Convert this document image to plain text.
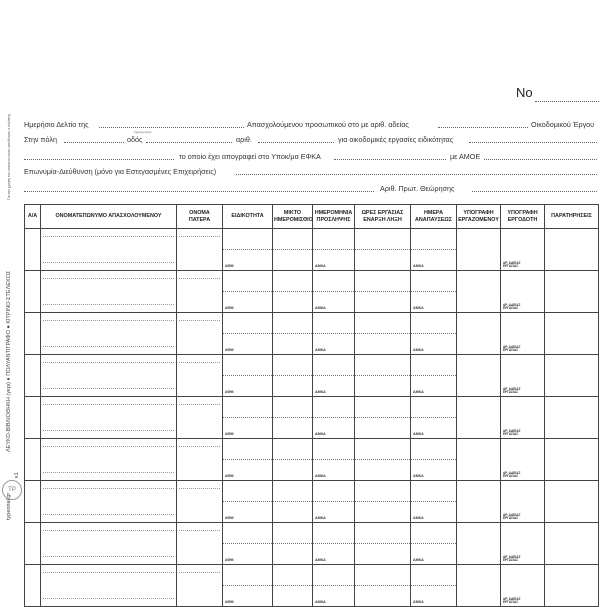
No
Ημερήσιο Δελτίο της
(ημερομηνία)
Απασχολούμενου προσωπικού στο με αριθ. αδείας	Οικοδομικού Έργου
Στην πόλη	οδός	αριθ.	για οικοδομικές εργασίες ειδικότητας
το οποίο έχει απογραφεί στο Υποκ/μα ΕΦΚΑ	με ΑΜΟΕ
Επωνυμία-Διεύθυνση (μόνο για Εστεγασμένες Επιχειρήσεις)
Αριθ. Πρωτ. Θεώρησης
Για την χρήση του εντύπου είναι υπεύθυνος ο πελάτης
ΛΕΥΚΟ-ΒΙΒΛΙΟΘΗΚΗ (γκρι) ● ΠΟΛΥΑΝΤΙΓΡΑΦΟ ● ΚΙΤΡΙΝΟ-ΣΤΕΛΕΧΟΣ
κ1
typeorial.gr
ΤΡ
Α/Α	ΟΝΟΜΑΤΕΠΩΝΥΜΟ ΑΠΑΣΧΟΛΟΥΜΕΝΟΥ	ΟΝΟΜΑ ΠΑΤΕΡΑ	ΕΙΔΙΚΟΤΗΤΑ	ΜΙΚΤΟ ΗΜΕΡΟΜΙΣΘΙΟ	ΗΜΕΡΟΜΗΝΙΑ ΠΡΟΣΛΗΨΗΣ	ΩΡΕΣ ΕΡΓΑΣΙΑΣ ΕΝΑΡΞΗ ΛΗΞΗ	ΗΜΕΡΑ ΑΝΑΠΑΥΣΕΩΣ	ΥΠΟΓΡΑΦΗ ΕΡΓΑΖΟΜΕΝΟΥ	ΥΠΟΓΡΑΦΗ ΕΡΓΟΔΟΤΗ	ΠΑΡΑΤΗΡΗΣΕΙΣ

			ΑΦΜ		ΑΜΚΑ		ΑΜΚΑ		ΑΡ. ΑΔΕΙΑΣ ΕΡΓΑΣΙΑΣ	

			ΑΦΜ		ΑΜΚΑ		ΑΜΚΑ		ΑΡ. ΑΔΕΙΑΣ ΕΡΓΑΣΙΑΣ	

			ΑΦΜ		ΑΜΚΑ		ΑΜΚΑ		ΑΡ. ΑΔΕΙΑΣ ΕΡΓΑΣΙΑΣ	

			ΑΦΜ		ΑΜΚΑ		ΑΜΚΑ		ΑΡ. ΑΔΕΙΑΣ ΕΡΓΑΣΙΑΣ	

			ΑΦΜ		ΑΜΚΑ		ΑΜΚΑ		ΑΡ. ΑΔΕΙΑΣ ΕΡΓΑΣΙΑΣ	

			ΑΦΜ		ΑΜΚΑ		ΑΜΚΑ		ΑΡ. ΑΔΕΙΑΣ ΕΡΓΑΣΙΑΣ	

			ΑΦΜ		ΑΜΚΑ		ΑΜΚΑ		ΑΡ. ΑΔΕΙΑΣ ΕΡΓΑΣΙΑΣ	

			ΑΦΜ		ΑΜΚΑ		ΑΜΚΑ		ΑΡ. ΑΔΕΙΑΣ ΕΡΓΑΣΙΑΣ	

			ΑΦΜ		ΑΜΚΑ		ΑΜΚΑ		ΑΡ. ΑΔΕΙΑΣ ΕΡΓΑΣΙΑΣ	
